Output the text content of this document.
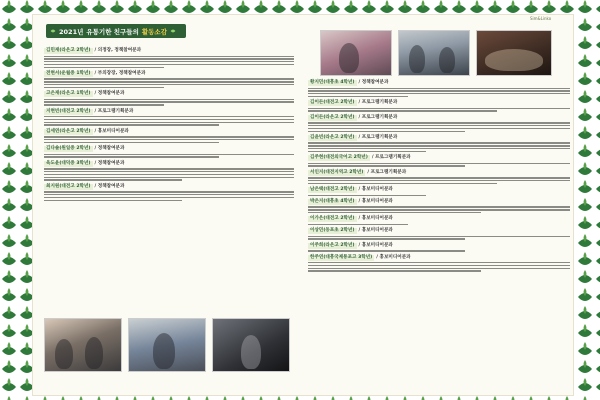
Sim&Linko
2021년 유통기한 친구들의 활동소감
김민재(라온고 2학년) / 의정장, 정책참여분과
전현서(운월중 1학년) / 부의장장, 정책참여분과
고은재(라온고 1학년) / 정책참여분과
지현빈(대전고 2학년) / 프로그램기획분과
김세연(라온고 2학년) / 홍보미디어분과
김다솔(원일중 2학년) / 정책참여분과
육도윤(대덕중 3학년) / 정책참여분과
최지원(대전고 2학년) / 정책참여분과
황지민(대흥초 4학년) / 정책참여분과
김이든(대전고 2학년) / 프로그램기획분과
김이든(라온고 2학년) / 프로그램기획분과
김윤빈(라온고 2학년) / 프로그램기획분과
김주현(대전외국어고 2학년) / 프로그램기획분과
서인지(대전지역고 2학년) / 프로그램기획분과
남은택(대전고 2학년) / 홍보미디어분과
박은지(대흥초 4학년) / 홍보미디어분과
이가은(대전고 2학년) / 홍보미디어분과
이상민(동포초 2학년) / 홍보미디어분과
이주희(라온고 2학년) / 홍보미디어분과
한주연(대흥국제통포고 3학년) / 홍보미디어분과
